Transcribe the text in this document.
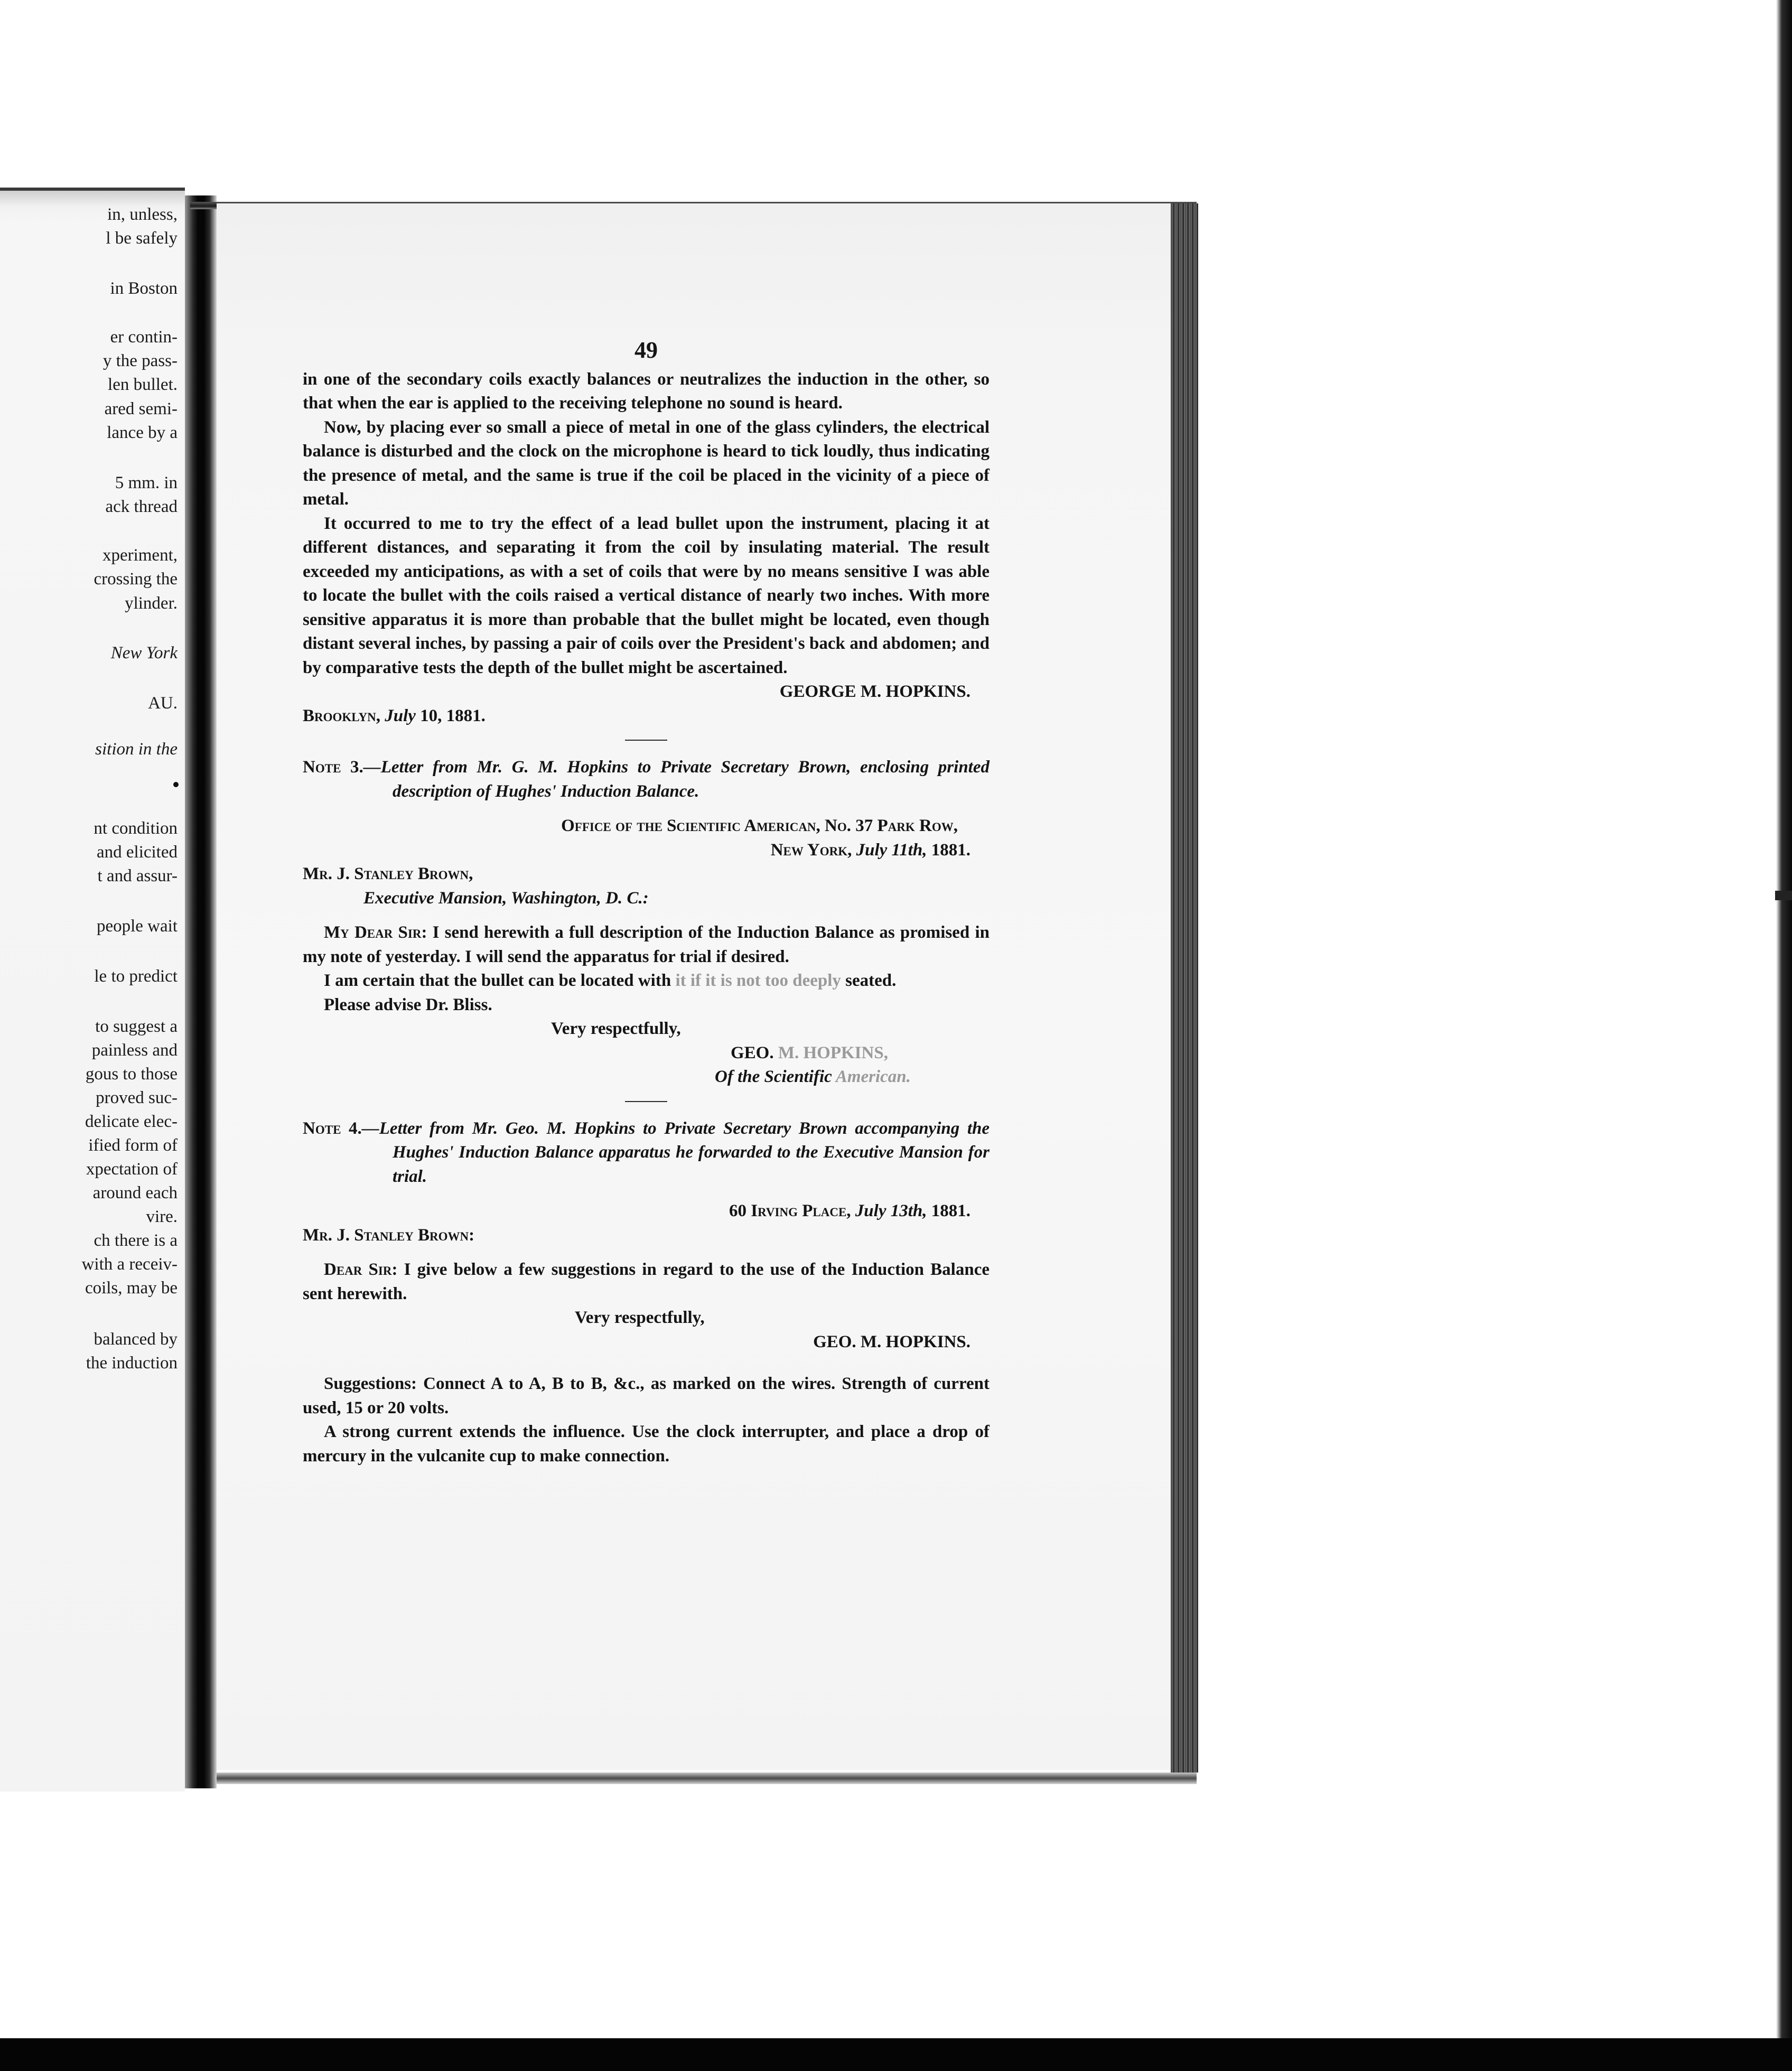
in, unless,
l be safely
in Boston
er contin-
y the pass-
len bullet.
ared semi-
lance by a
5 mm. in
ack thread
xperiment,
crossing the
ylinder.
New York
AU.
sition in the
nt condition
and elicited
t and assur-
people wait
le to predict
to suggest a
painless and
gous to those
proved suc-
delicate elec-
ified form of
xpectation of
around each
vire.
ch there is a
with a receiv-
coils, may be
balanced by
the induction

49

in one of the secondary coils exactly balances or neutralizes the induction in the other, so that when the ear is applied to the receiving telephone no sound is heard.

Now, by placing ever so small a piece of metal in one of the glass cylinders, the electrical balance is disturbed and the clock on the microphone is heard to tick loudly, thus indicating the presence of metal, and the same is true if the coil be placed in the vicinity of a piece of metal.

It occurred to me to try the effect of a lead bullet upon the instrument, placing it at different distances, and separating it from the coil by insulating material. The result exceeded my anticipations, as with a set of coils that were by no means sensitive I was able to locate the bullet with the coils raised a vertical distance of nearly two inches. With more sensitive apparatus it is more than probable that the bullet might be located, even though distant several inches, by passing a pair of coils over the President's back and abdomen; and by comparative tests the depth of the bullet might be ascertained.

GEORGE M. HOPKINS.

Brooklyn, July 10, 1881.

Note 3.—Letter from Mr. G. M. Hopkins to Private Secretary Brown, enclosing printed description of Hughes' Induction Balance.

Office of the Scientific American, No. 37 Park Row,

New York, July 11th, 1881.

Mr. J. Stanley Brown,

Executive Mansion, Washington, D. C.:

My Dear Sir: I send herewith a full description of the Induction Balance as promised in my note of yesterday. I will send the apparatus for trial if desired.

I am certain that the bullet can be located with it if it is not too deeply seated.

Please advise Dr. Bliss.

Very respectfully,

GEO. M. HOPKINS,

Of the Scientific American.

Note 4.—Letter from Mr. Geo. M. Hopkins to Private Secretary Brown accompanying the Hughes' Induction Balance apparatus he forwarded to the Executive Mansion for trial.

60 Irving Place, July 13th, 1881.

Mr. J. Stanley Brown:

Dear Sir: I give below a few suggestions in regard to the use of the Induction Balance sent herewith.

Very respectfully,

GEO. M. HOPKINS.

Suggestions: Connect A to A, B to B, &c., as marked on the wires. Strength of current used, 15 or 20 volts.

A strong current extends the influence. Use the clock interrupter, and place a drop of mercury in the vulcanite cup to make connection.
